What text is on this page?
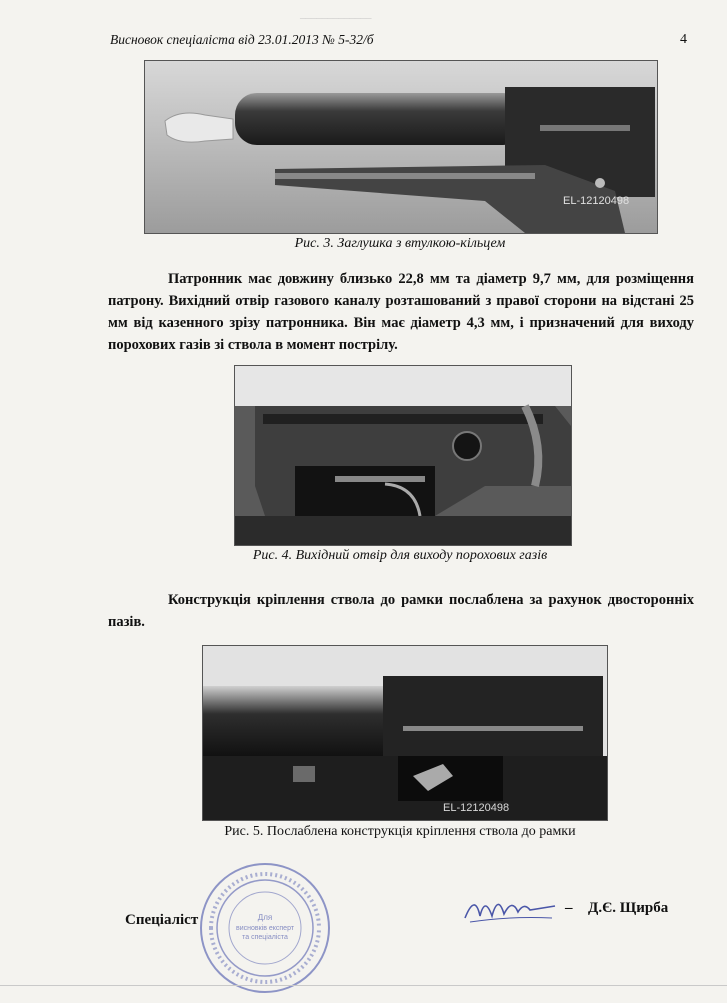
_____________
Висновок спеціаліста від 23.01.2013 № 5-32/б	4
EL-12120498
Рис. 3. Заглушка з втулкою-кільцем
Патронник має довжину близько 22,8 мм та діаметр 9,7 мм, для розміщення патрону. Вихідний отвір газового каналу розташований з правої сторони на відстані 25 мм від казенного зрізу патронника. Він має діаметр 4,3 мм, і призначений для виходу порохових газів зі ствола в момент пострілу.
Рис. 4. Вихідний отвір для виходу порохових газів
Конструкція кріплення ствола до рамки послаблена за рахунок двосторонніх пазів.
EL-12120498
Рис. 5. Послаблена конструкція кріплення ствола до рамки
Для
висновків експерт
та спеціаліста
Спеціаліст
– Д.Є. Щирба
